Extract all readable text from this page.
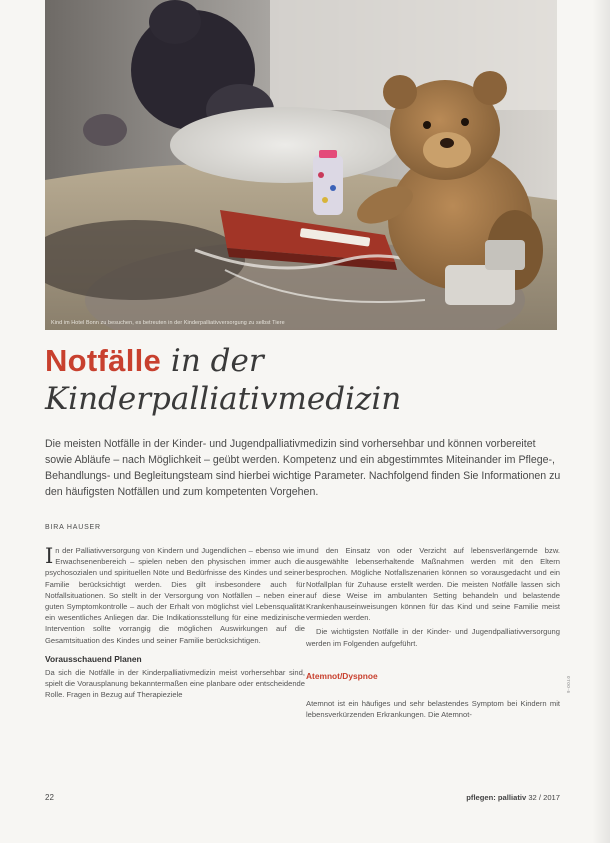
Kind im Hotel Bonn zu besuchen, es betreuten in der Kinderpalliativversorgung zu selbst Tiere
Notfälle in der
Kinderpalliativmedizin

Die meisten Notfälle in der Kinder- und Jugendpalliativmedizin sind vorhersehbar und können vorbereitet sowie Abläufe – nach Möglichkeit – geübt werden. Kompetenz und ein abgestimmtes Miteinander im Pflege-, Behandlungs- und Begleitungsteam sind hierbei wichtige Parameter. Nachfolgend finden Sie Informationen zu den häufigsten Notfällen und zum kompetenten Vorgehen.

BIRA HAUSER

In der Palliativversorgung von Kindern und Jugendlichen – ebenso wie im Erwachsenenbereich – spielen neben den physischen immer auch die psychosozialen und spirituellen Nöte und Bedürfnisse des Kindes und seiner Familie berücksichtigt werden. Dies gilt insbesondere auch für Notfallsituationen. So stellt in der Versorgung von Notfällen – neben einer guten Symptomkontrolle – auch der Erhalt von möglichst viel Lebensqualität ein wesentliches Anliegen dar. Die Indikationsstellung für eine medizinische Intervention sollte vorrangig die möglichen Auswirkungen auf die Gesamtsituation des Kindes und seiner Familie berücksichtigen.

Vorausschauend Planen

Da sich die Notfälle in der Kinderpalliativmedizin meist vorhersehbar sind, spielt die Vorausplanung bekanntermaßen eine planbare oder entscheidende Rolle. Fragen in Bezug auf Therapieziele

und den Einsatz von oder Verzicht auf lebensverlängernde bzw. ausgewählte lebenserhaltende Maßnahmen werden mit den Eltern besprochen. Mögliche Notfallszenarien können so vorausgedacht und ein Notfallplan für Zuhause erstellt werden. Die meisten Notfälle lassen sich auf diese Weise im ambulanten Setting behandeln und belastende Krankenhauseinweisungen können für das Kind und seine Familie meist vermieden werden.

Die wichtigsten Notfälle in der Kinder- und Jugendpalliativversorgung werden im Folgenden aufgeführt.

Atemnot/Dyspnoe

Atemnot ist ein häufiges und sehr belastendes Symptom bei Kindern mit lebensverkürzenden Erkrankungen. Die Atemnot-

22	pflegen: palliativ 32 / 2017
0700-6
